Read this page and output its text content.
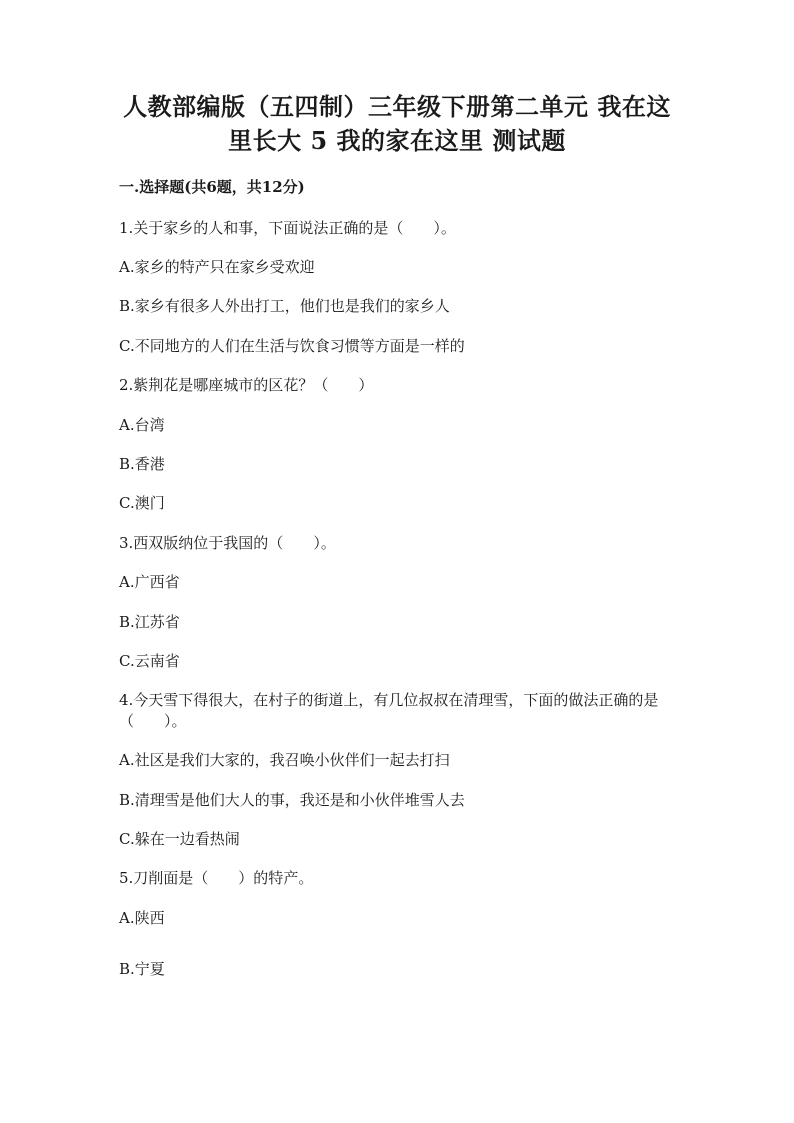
人教部编版（五四制）三年级下册第二单元 我在这
里长大 5 我的家在这里 测试题
一.选择题(共6题，共12分)
1.关于家乡的人和事，下面说法正确的是（　　）。
A.家乡的特产只在家乡受欢迎
B.家乡有很多人外出打工，他们也是我们的家乡人
C.不同地方的人们在生活与饮食习惯等方面是一样的
2.紫荆花是哪座城市的区花？（　　）
A.台湾
B.香港
C.澳门
3.西双版纳位于我国的（　　）。
A.广西省
B.江苏省
C.云南省
4.今天雪下得很大，在村子的街道上，有几位叔叔在清理雪，下面的做法正确的是（　　）。
A.社区是我们大家的，我召唤小伙伴们一起去打扫
B.清理雪是他们大人的事，我还是和小伙伴堆雪人去
C.躲在一边看热闹
5.刀削面是（　　）的特产。
A.陕西
B.宁夏
